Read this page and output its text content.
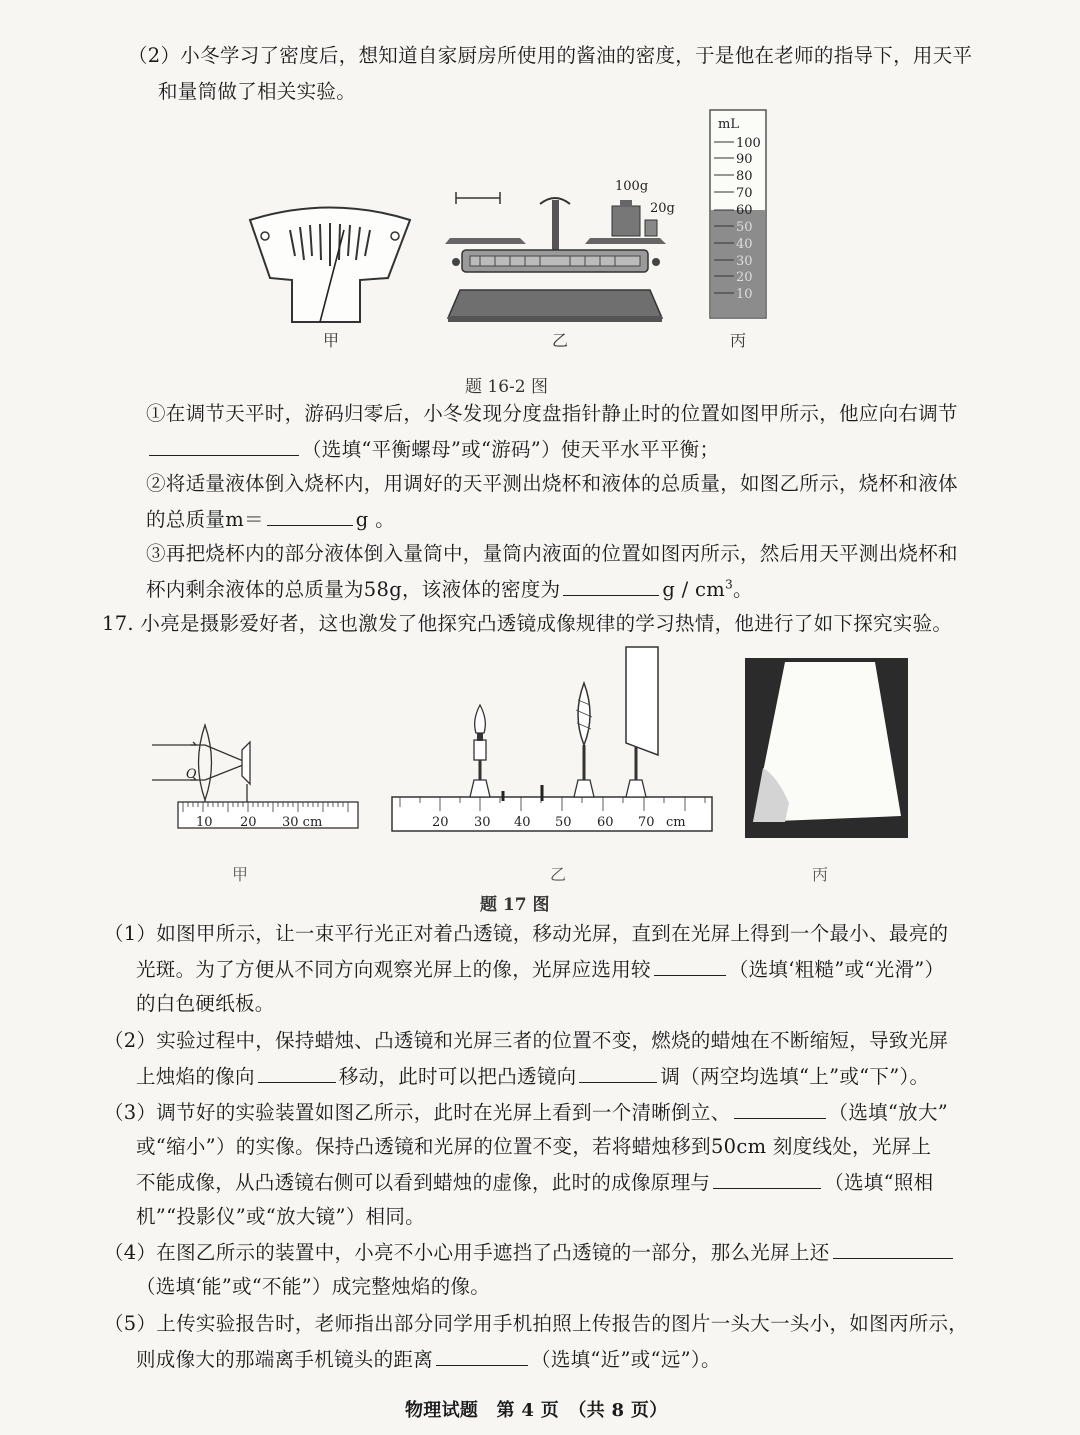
（2）小冬学习了密度后，想知道自家厨房所使用的酱油的密度，于是他在老师的指导下，用天平
和量筒做了相关实验。
甲
100g
20g
乙
mL
100
90
80
70
60
50
40
30
20
10
丙
题 16-2 图
①在调节天平时，游码归零后，小冬发现分度盘指针静止时的位置如图甲所示，他应向右调节
（选填“平衡螺母”或“游码”）使天平水平平衡；
②将适量液体倒入烧杯内，用调好的天平测出烧杯和液体的总质量，如图乙所示，烧杯和液体
的总质量m＝	g 。
③再把烧杯内的部分液体倒入量筒中，量筒内液面的位置如图丙所示，然后用天平测出烧杯和
杯内剩余液体的总质量为58g，该液体的密度为	g / $cm^3$。
17. 小亮是摄影爱好者，这也激发了他探究凸透镜成像规律的学习热情，他进行了如下探究实验。
O
10 20 30 cm
甲
20 30 40 50 60 70 cm
乙	丙
题 17 图
（1）如图甲所示，让一束平行光正对着凸透镜，移动光屏，直到在光屏上得到一个最小、最亮的
光斑。为了方便从不同方向观察光屏上的像，光屏应选用较	（选填‘粗糙”或“光滑”）
的白色硬纸板。
（2）实验过程中，保持蜡烛、凸透镜和光屏三者的位置不变，燃烧的蜡烛在不断缩短，导致光屏
上烛焰的像向	移动，此时可以把凸透镜向	调（两空均选填“上”或“下”）。
（3）调节好的实验装置如图乙所示，此时在光屏上看到一个清晰倒立、	（选填“放大”
或“缩小”）的实像。保持凸透镜和光屏的位置不变，若将蜡烛移到50cm 刻度线处，光屏上
不能成像，从凸透镜右侧可以看到蜡烛的虚像，此时的成像原理与	（选填“照相
机”“投影仪”或“放大镜”）相同。
（4）在图乙所示的装置中，小亮不小心用手遮挡了凸透镜的一部分，那么光屏上还
（选填‘能”或“不能”）成完整烛焰的像。
（5）上传实验报告时，老师指出部分同学用手机拍照上传报告的图片一头大一头小，如图丙所示，
则成像大的那端离手机镜头的距离	（选填“近”或“远”）。
物理试题　第 4 页　（共 8 页）
